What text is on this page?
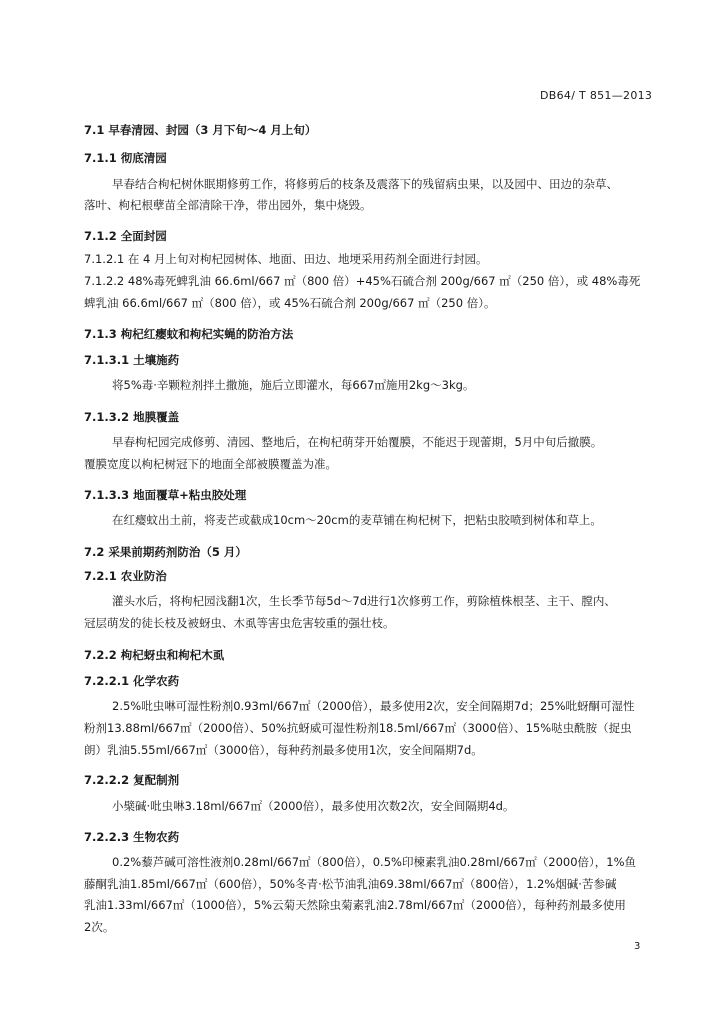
DB64/ T 851—2013
7.1 早春清园、封园（3 月下旬～4 月上旬）
7.1.1 彻底清园
早春结合枸杞树休眠期修剪工作，将修剪后的枝条及震落下的残留病虫果，以及园中、田边的杂草、
落叶、枸杞根孽苗全部清除干净，带出园外，集中烧毁。
7.1.2 全面封园
7.1.2.1 在 4 月上旬对枸杞园树体、地面、田边、地埂采用药剂全面进行封园。
7.1.2.2 48%毒死蜱乳油 66.6ml/667 ㎡（800 倍）+45%石硫合剂 200g/667 ㎡（250 倍），或 48%毒死
蜱乳油 66.6ml/667 ㎡（800 倍），或 45%石硫合剂 200g/667 ㎡（250 倍）。
7.1.3 枸杞红瘿蚊和枸杞实蝇的防治方法
7.1.3.1 土壤施药
将5%毒·辛颗粒剂拌土撒施，施后立即灌水，每667㎡施用2kg～3kg。
7.1.3.2 地膜覆盖
早春枸杞园完成修剪、清园、整地后，在枸杞萌芽开始覆膜，不能迟于现蕾期，5月中旬后撤膜。
覆膜宽度以枸杞树冠下的地面全部被膜覆盖为准。
7.1.3.3 地面覆草+粘虫胶处理
在红瘿蚊出土前，将麦芒或截成10cm～20cm的麦草铺在枸杞树下，把粘虫胶喷到树体和草上。
7.2 采果前期药剂防治（5 月）
7.2.1 农业防治
灌头水后，将枸杞园浅翻1次，生长季节每5d～7d进行1次修剪工作，剪除植株根茎、主干、膛内、
冠层萌发的徒长枝及被蚜虫、木虱等害虫危害较重的强壮枝。
7.2.2 枸杞蚜虫和枸杞木虱
7.2.2.1 化学农药
2.5%吡虫啉可湿性粉剂0.93ml/667㎡（2000倍），最多使用2次，安全间隔期7d；25%吡蚜酮可湿性
粉剂13.88ml/667㎡（2000倍）、50%抗蚜威可湿性粉剂18.5ml/667㎡（3000倍）、15%哒虫酰胺（捉虫
朗）乳油5.55ml/667㎡（3000倍），每种药剂最多使用1次，安全间隔期7d。
7.2.2.2 复配制剂
小檗碱·吡虫啉3.18ml/667㎡（2000倍），最多使用次数2次，安全间隔期4d。
7.2.2.3 生物农药
0.2%藜芦碱可溶性液剂0.28ml/667㎡（800倍），0.5%印楝素乳油0.28ml/667㎡（2000倍），1%鱼
藤酮乳油1.85ml/667㎡（600倍），50%冬青·松节油乳油69.38ml/667㎡（800倍），1.2%烟碱·苦参碱
乳油1.33ml/667㎡（1000倍），5%云菊天然除虫菊素乳油2.78ml/667㎡（2000倍），每种药剂最多使用
2次。
3
